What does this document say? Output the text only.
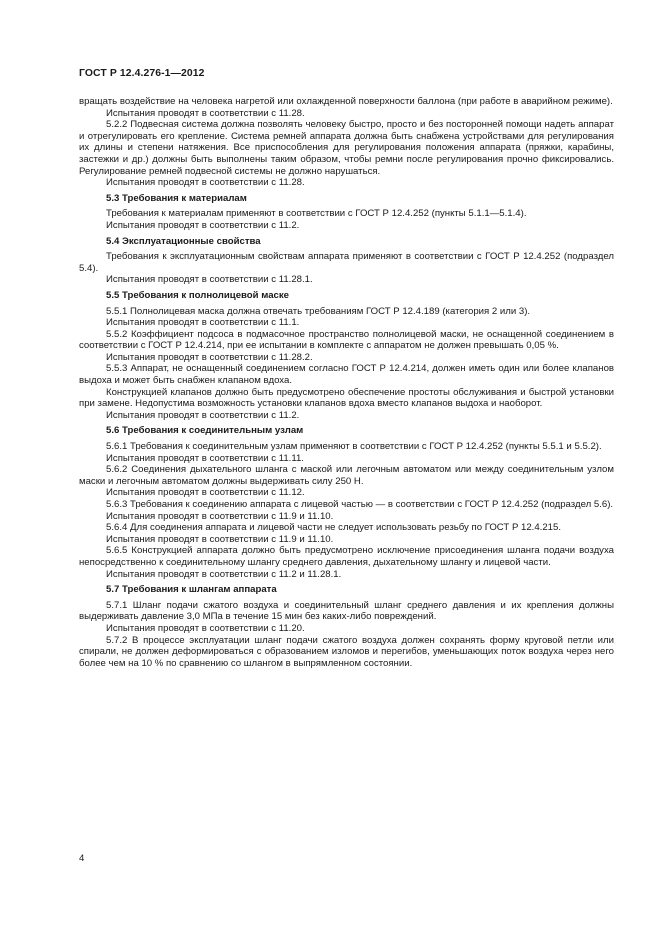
ГОСТ Р 12.4.276-1—2012

вращать воздействие на человека нагретой или охлажденной поверхности баллона (при работе в аварийном режиме).

Испытания проводят в соответствии с 11.28.

5.2.2 Подвесная система должна позволять человеку быстро, просто и без посторонней помощи надеть аппарат и отрегулировать его крепление. Система ремней аппарата должна быть снабжена устройствами для регулирования их длины и степени натяжения. Все приспособления для регулирования положения аппарата (пряжки, карабины, застежки и др.) должны быть выполнены таким образом, чтобы ремни после регулирования прочно фиксировались. Регулирование ремней подвесной системы не должно нарушаться.

Испытания проводят в соответствии с 11.28.

5.3 Требования к материалам

Требования к материалам применяют в соответствии с ГОСТ Р 12.4.252 (пункты 5.1.1—5.1.4).

Испытания проводят в соответствии с 11.2.

5.4 Эксплуатационные свойства

Требования к эксплуатационным свойствам аппарата применяют в соответствии с ГОСТ Р 12.4.252 (подраздел 5.4).

Испытания проводят в соответствии с 11.28.1.

5.5 Требования к полнолицевой маске

5.5.1 Полнолицевая маска должна отвечать требованиям ГОСТ Р 12.4.189 (категория 2 или 3).

Испытания проводят в соответствии с 11.1.

5.5.2 Коэффициент подсоса в подмасочное пространство полнолицевой маски, не оснащенной соединением в соответствии с ГОСТ Р 12.4.214, при ее испытании в комплекте с аппаратом не должен превышать 0,05 %.

Испытания проводят в соответствии с 11.28.2.

5.5.3 Аппарат, не оснащенный соединением согласно ГОСТ Р 12.4.214, должен иметь один или более клапанов выдоха и может быть снабжен клапаном вдоха.

Конструкцией клапанов должно быть предусмотрено обеспечение простоты обслуживания и быстрой установки при замене. Недопустима возможность установки клапанов вдоха вместо клапанов выдоха и наоборот.

Испытания проводят в соответствии с 11.2.

5.6 Требования к соединительным узлам

5.6.1 Требования к соединительным узлам применяют в соответствии с ГОСТ Р 12.4.252 (пункты 5.5.1 и 5.5.2).

Испытания проводят в соответствии с 11.11.

5.6.2 Соединения дыхательного шланга с маской или легочным автоматом или между соединительным узлом маски и легочным автоматом должны выдерживать силу 250 Н.

Испытания проводят в соответствии с 11.12.

5.6.3 Требования к соединению аппарата с лицевой частью — в соответствии с ГОСТ Р 12.4.252 (подраздел 5.6).

Испытания проводят в соответствии с 11.9 и 11.10.

5.6.4 Для соединения аппарата и лицевой части не следует использовать резьбу по ГОСТ Р 12.4.215.

Испытания проводят в соответствии с 11.9 и 11.10.

5.6.5 Конструкцией аппарата должно быть предусмотрено исключение присоединения шланга подачи воздуха непосредственно к соединительному шлангу среднего давления, дыхательному шлангу и лицевой части.

Испытания проводят в соответствии с 11.2 и 11.28.1.

5.7 Требования к шлангам аппарата

5.7.1 Шланг подачи сжатого воздуха и соединительный шланг среднего давления и их крепления должны выдерживать давление 3,0 МПа в течение 15 мин без каких-либо повреждений.

Испытания проводят в соответствии с 11.20.

5.7.2 В процессе эксплуатации шланг подачи сжатого воздуха должен сохранять форму круговой петли или спирали, не должен деформироваться с образованием изломов и перегибов, уменьшающих поток воздуха через него более чем на 10 % по сравнению со шлангом в выпрямленном состоянии.

4
